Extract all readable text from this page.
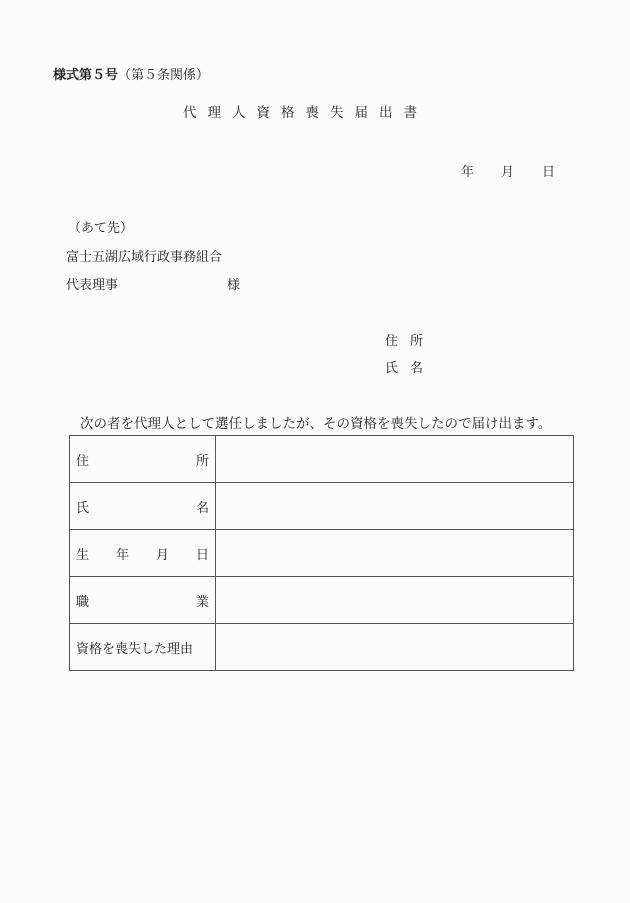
様式第５号（第５条関係）
代理人資格喪失届出書
年 月 日
（あて先）
富士五湖広域行政事務組合
代表理事	様
住 所
氏 名
次の者を代理人として選任しましたが、その資格を喪失したので届け出ます。
住 所	

氏 名	

生 年 月 日	

職 業	

資格を喪失した理由	
